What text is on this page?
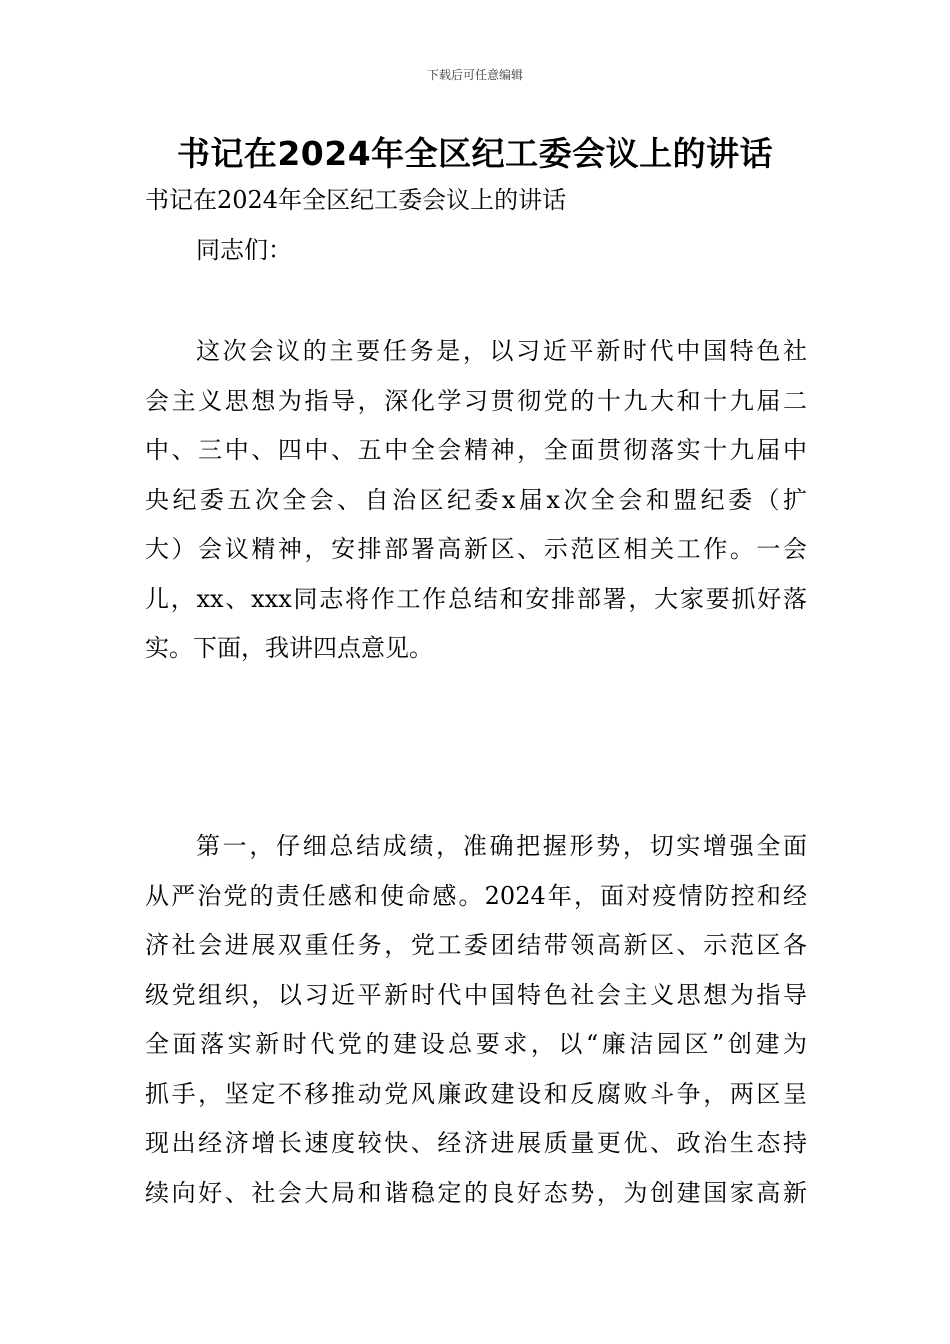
下载后可任意编辑
书记在2024年全区纪工委会议上的讲话
书记在2024年全区纪工委会议上的讲话
同志们：
这次会议的主要任务是，以习近平新时代中国特色社
会主义思想为指导，深化学习贯彻党的十九大和十九届二
中、三中、四中、五中全会精神，全面贯彻落实十九届中
央纪委五次全会、自治区纪委x届x次全会和盟纪委（扩
大）会议精神，安排部署高新区、示范区相关工作。一会
儿，xx、xxx同志将作工作总结和安排部署，大家要抓好落
实。下面，我讲四点意见。
第一，仔细总结成绩，准确把握形势，切实增强全面
从严治党的责任感和使命感。2024年，面对疫情防控和经
济社会进展双重任务，党工委团结带领高新区、示范区各
级党组织，以习近平新时代中国特色社会主义思想为指导
全面落实新时代党的建设总要求，以“廉洁园区”创建为
抓手，坚定不移推动党风廉政建设和反腐败斗争，两区呈
现出经济增长速度较快、经济进展质量更优、政治生态持
续向好、社会大局和谐稳定的良好态势，为创建国家高新
